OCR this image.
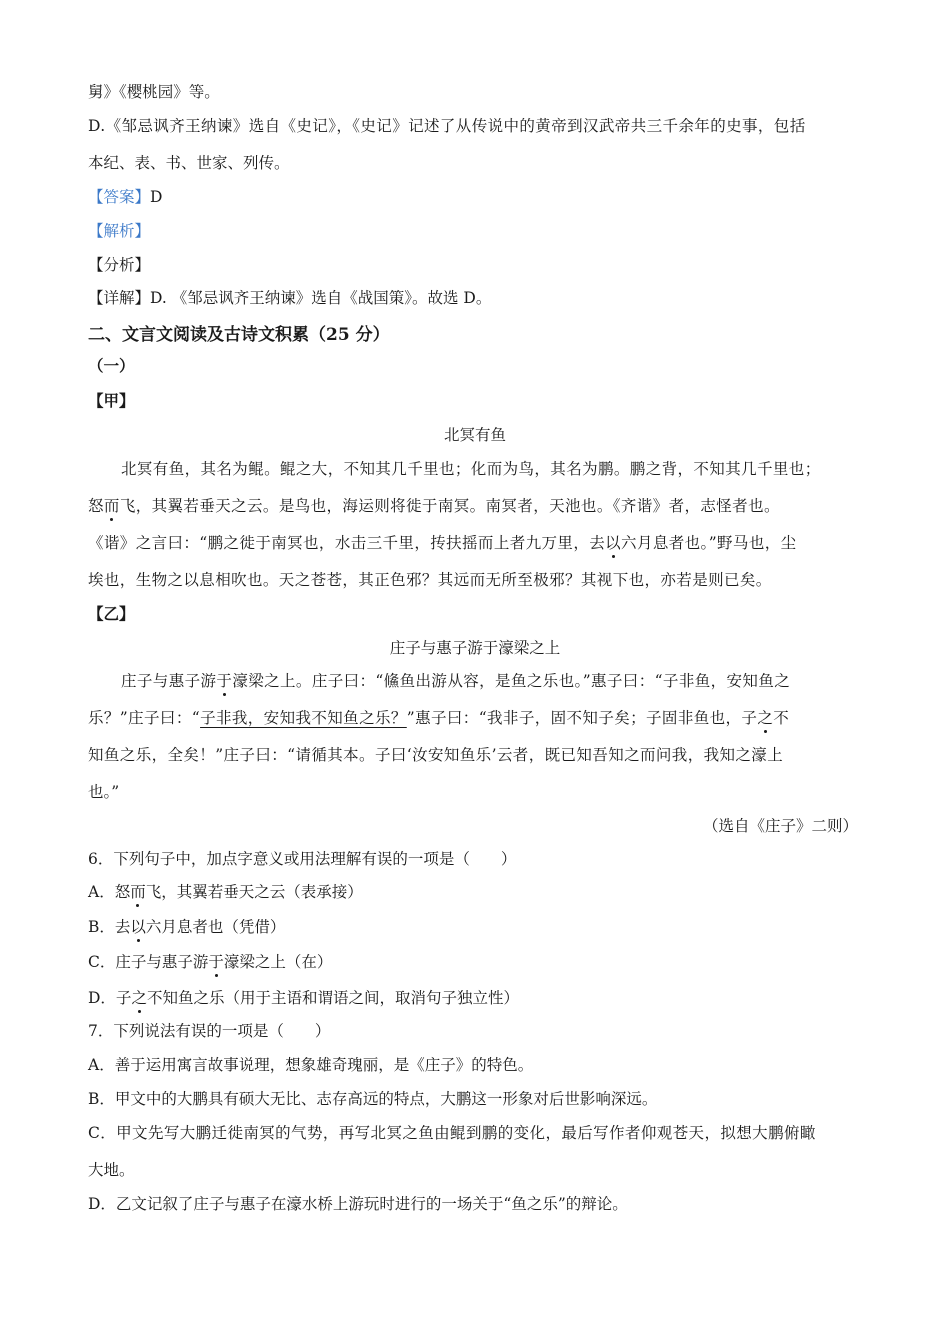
舅》《樱桃园》等。
D.《邹忌讽齐王纳谏》选自《史记》，《史记》记述了从传说中的黄帝到汉武帝共三千余年的史事，包括
本纪、表、书、世家、列传。
【答案】D
【解析】
【分析】
【详解】D. 《邹忌讽齐王纳谏》选自《战国策》。故选 D。
二、文言文阅读及古诗文积累（25 分）
（一）
【甲】
北冥有鱼
北冥有鱼，其名为鲲。鲲之大，不知其几千里也；化而为鸟，其名为鹏。鹏之背，不知其几千里也；
怒而飞，其翼若垂天之云。是鸟也，海运则将徙于南冥。南冥者，天池也。《齐谐》者，志怪者也。
《谐》之言曰：“鹏之徙于南冥也，水击三千里，抟扶摇而上者九万里，去以六月息者也。”野马也，尘
埃也，生物之以息相吹也。天之苍苍，其正色邪？其远而无所至极邪？其视下也，亦若是则已矣。
【乙】
庄子与惠子游于濠梁之上
庄子与惠子游于濠梁之上。庄子曰：“鯈鱼出游从容，是鱼之乐也。”惠子曰：“子非鱼，安知鱼之
乐？”庄子曰：“子非我，安知我不知鱼之乐？”惠子曰：“我非子，固不知子矣；子固非鱼也，子之不
知鱼之乐，全矣！”庄子曰：“请循其本。子曰‘汝安知鱼乐’云者，既已知吾知之而问我，我知之濠上
也。”
（选自《庄子》二则）
6．下列句子中，加点字意义或用法理解有误的一项是（　　）
A．怒而飞，其翼若垂天之云（表承接）
B．去以六月息者也（凭借）
C．庄子与惠子游于濠梁之上（在）
D．子之不知鱼之乐（用于主语和谓语之间，取消句子独立性）
7．下列说法有误的一项是（　　）
A．善于运用寓言故事说理，想象雄奇瑰丽，是《庄子》的特色。
B．甲文中的大鹏具有硕大无比、志存高远的特点，大鹏这一形象对后世影响深远。
C．甲文先写大鹏迁徙南冥的气势，再写北冥之鱼由鲲到鹏的变化，最后写作者仰观苍天，拟想大鹏俯瞰
大地。
D．乙文记叙了庄子与惠子在濠水桥上游玩时进行的一场关于“鱼之乐”的辩论。
